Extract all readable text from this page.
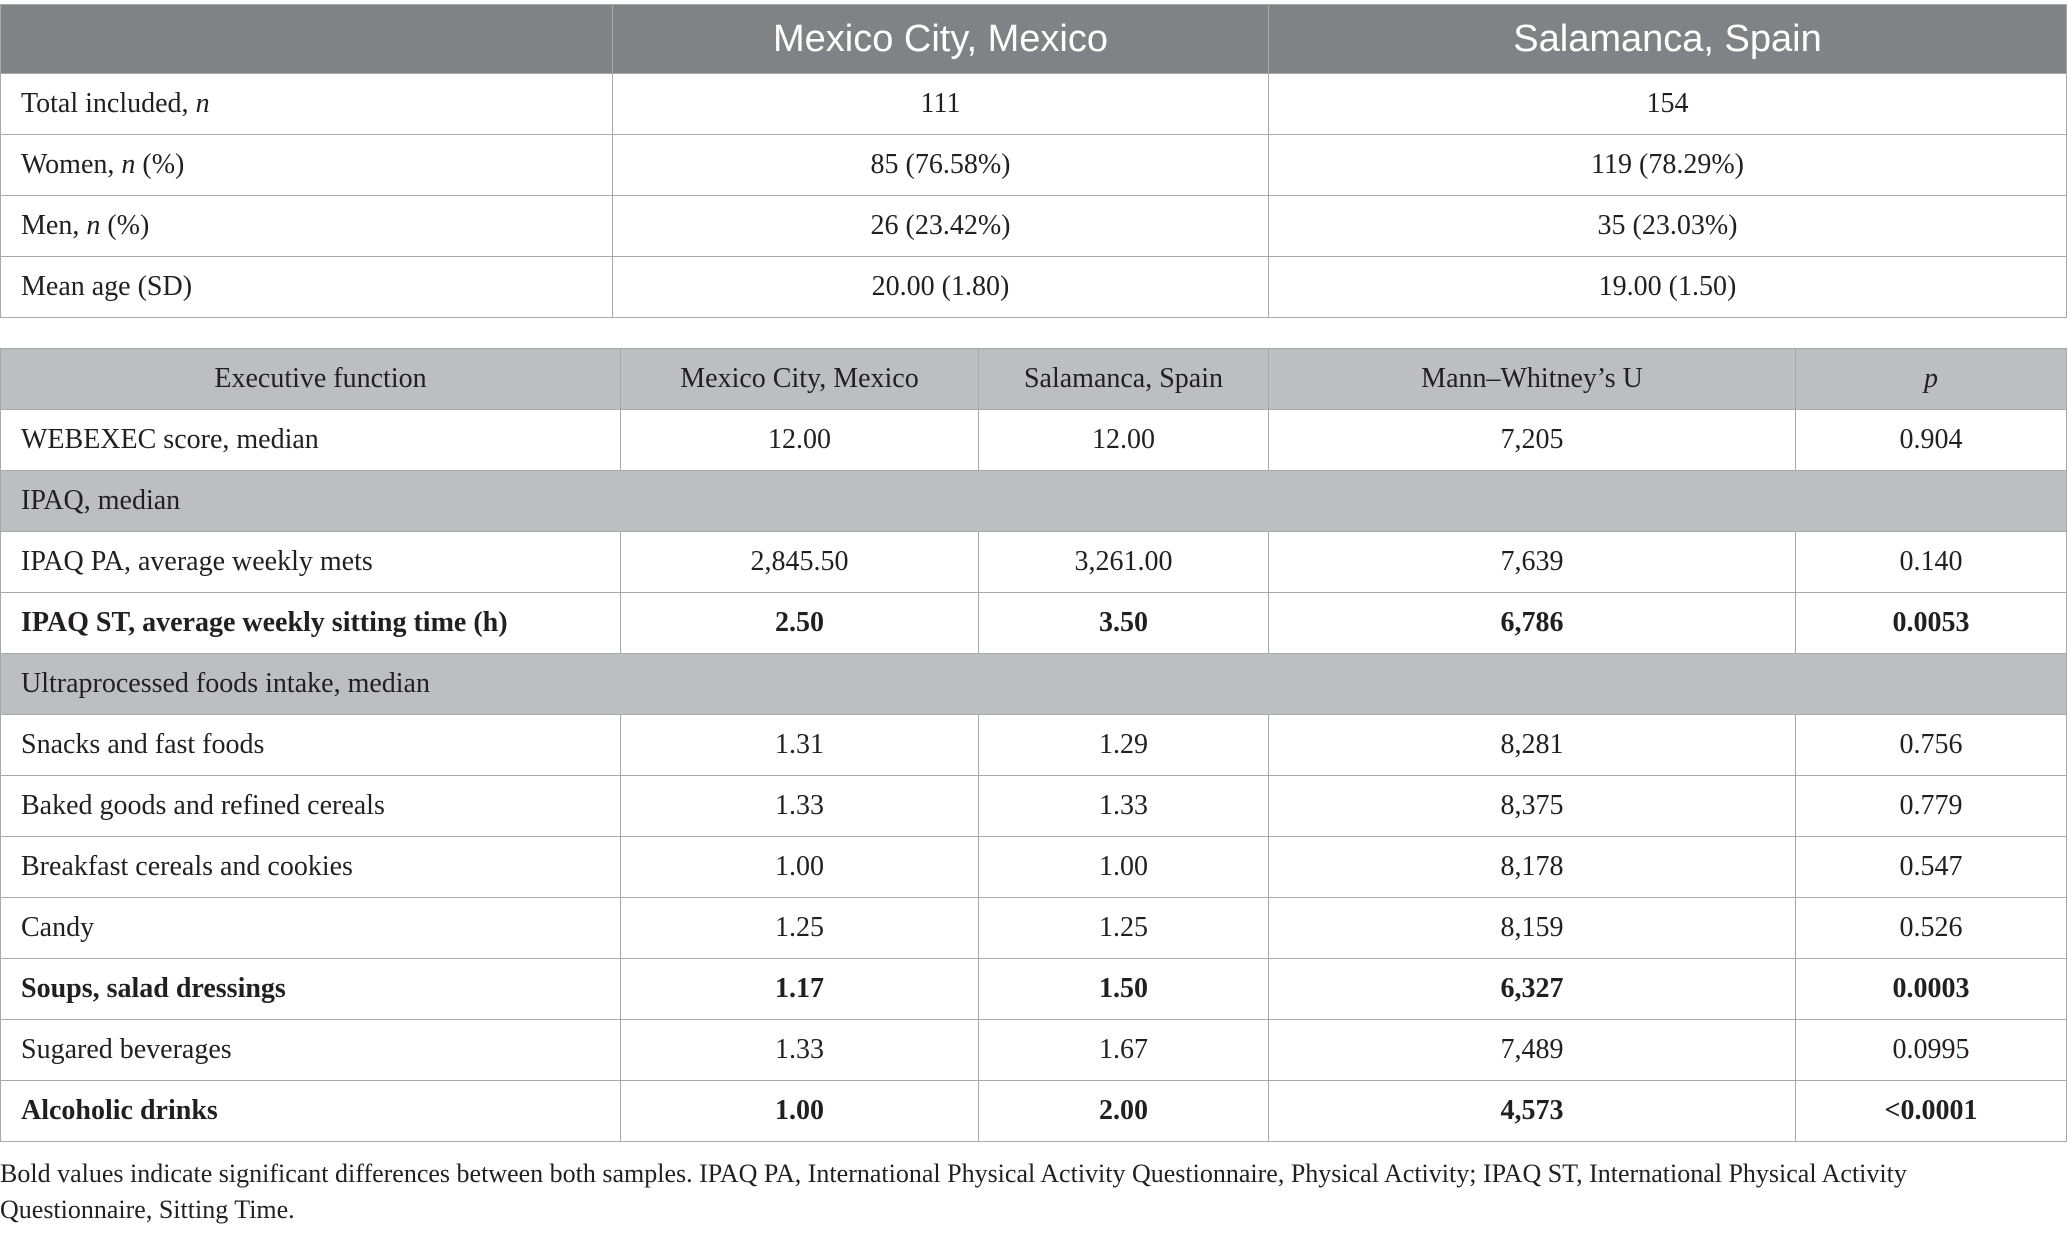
	Mexico City, Mexico	Salamanca, Spain
Total included, n	111	154
Women, n (%)	85 (76.58%)	119 (78.29%)
Men, n (%)	26 (23.42%)	35 (23.03%)
Mean age (SD)	20.00 (1.80)	19.00 (1.50)
Executive function	Mexico City, Mexico	Salamanca, Spain	Mann–Whitney’s U	p
WEBEXEC score, median	12.00	12.00	7,205	0.904
IPAQ, median				
IPAQ PA, average weekly mets	2,845.50	3,261.00	7,639	0.140
IPAQ ST, average weekly sitting time (h)	2.50	3.50	6,786	0.0053
Ultraprocessed foods intake, median				
Snacks and fast foods	1.31	1.29	8,281	0.756
Baked goods and refined cereals	1.33	1.33	8,375	0.779
Breakfast cereals and cookies	1.00	1.00	8,178	0.547
Candy	1.25	1.25	8,159	0.526
Soups, salad dressings	1.17	1.50	6,327	0.0003
Sugared beverages	1.33	1.67	7,489	0.0995
Alcoholic drinks	1.00	2.00	4,573	<0.0001
Bold values indicate significant differences between both samples. IPAQ PA, International Physical Activity Questionnaire, Physical Activity; IPAQ ST, International Physical Activity Questionnaire, Sitting Time.
